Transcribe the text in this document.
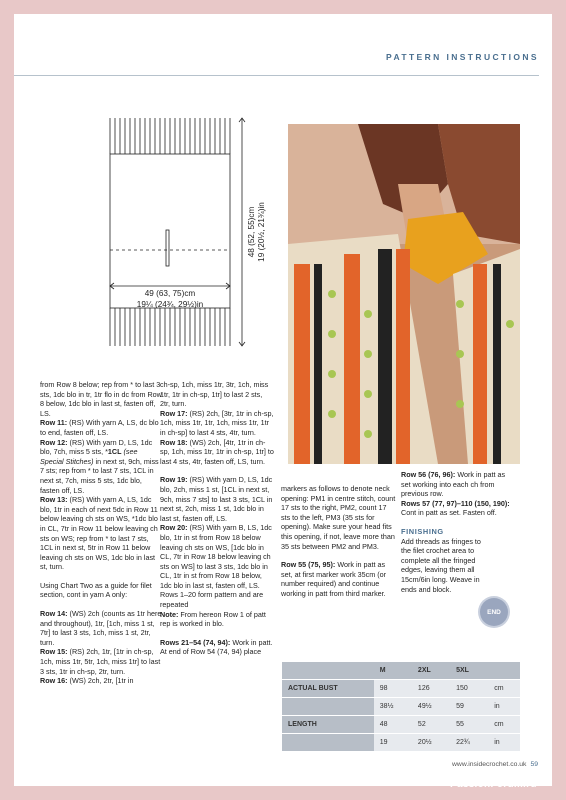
PATTERN INSTRUCTIONS
49 (63, 75)cm
19¼ (24¾, 29½)in
48 (52, 55)cm 19 (20½, 21¾)in

from Row 8 below; rep from * to last 3 sts, 1dc blo in tr, 1tr flo in dc from Row 8 below, 1dc blo in last st, fasten off, LS.

Row 11: (RS) With yarn A, LS, dc blo to end, fasten off, LS.

Row 12: (RS) With yarn D, LS, 1dc blo, 7ch, miss 5 sts, *1CL (see Special Stitches) in next st, 9ch, miss 7 sts; rep from * to last 7 sts, 1CL in next st, 7ch, miss 5 sts, 1dc blo, fasten off, LS.

Row 13: (RS) With yarn A, LS, 1dc blo, 1tr in each of next 5dc in Row 11 below leaving ch sts on WS, *1dc blo in CL, 7tr in Row 11 below leaving ch sts on WS; rep from * to last 7 sts, 1CL in next st, 5tr in Row 11 below leaving ch sts on WS, 1dc blo in last st, turn.

Using Chart Two as a guide for filet section, cont in yarn A only:

Row 14: (WS) 2ch (counts as 1tr here and throughout), 1tr, [1ch, miss 1 st, 7tr] to last 3 sts, 1ch, miss 1 st, 2tr, turn.

Row 15: (RS) 2ch, 1tr, [1tr in ch-sp, 1ch, miss 1tr, 5tr, 1ch, miss 1tr] to last 3 sts, 1tr in ch-sp, 2tr, turn.

Row 16: (WS) 2ch, 2tr, [1tr in

ch-sp, 1ch, miss 1tr, 3tr, 1ch, miss 1tr, 1tr in ch-sp, 1tr] to last 2 sts, 2tr, turn.

Row 17: (RS) 2ch, [3tr, 1tr in ch-sp, 1ch, miss 1tr, 1tr, 1ch, miss 1tr, 1tr in ch-sp] to last 4 sts, 4tr, turn.

Row 18: (WS) 2ch, [4tr, 1tr in ch-sp, 1ch, miss 1tr, 1tr in ch-sp, 1tr] to last 4 sts, 4tr, fasten off, LS, turn.

Row 19: (RS) With yarn D, LS, 1dc blo, 2ch, miss 1 st, [1CL in next st, 9ch, miss 7 sts] to last 3 sts, 1CL in next st, 2ch, miss 1 st, 1dc blo in last st, fasten off, LS.

Row 20: (RS) With yarn B, LS, 1dc blo, 1tr in st from Row 18 below leaving ch sts on WS, [1dc blo in CL, 7tr in Row 18 below leaving ch sts on WS] to last 3 sts, 1dc blo in CL, 1tr in st from Row 18 below, 1dc blo in last st, fasten off, LS.

Rows 1–20 form pattern and are repeated

Note: From hereon Row 1 of patt rep is worked in blo.

Rows 21–54 (74, 94): Work in patt.

At end of Row 54 (74, 94) place

markers as follows to denote neck opening: PM1 in centre stitch, count 17 sts to the right, PM2, count 17 sts to the left, PM3 (35 sts for opening). Make sure your head fits this opening, if not, leave more than 35 sts between PM2 and PM3.

Row 55 (75, 95): Work in patt as set, at first marker work 35cm (or number required) and continue working in patt from third marker.

Row 56 (76, 96): Work in patt as set working into each ch from previous row.

Rows 57 (77, 97)–110 (150, 190): Cont in patt as set. Fasten off.

FINISHING

Add threads as fringes to the filet crochet area to complete all the fringed edges, leaving them all 15cm/6in long. Weave in ends and block.

END
	M	2XL	5XL	
ACTUAL BUST	98	126	150	cm
	38½	49½	59	in
LENGTH	48	52	55	cm
	19	20½	22¾	in
www.insidecrochet.co.uk 59
PassionForum.ru
